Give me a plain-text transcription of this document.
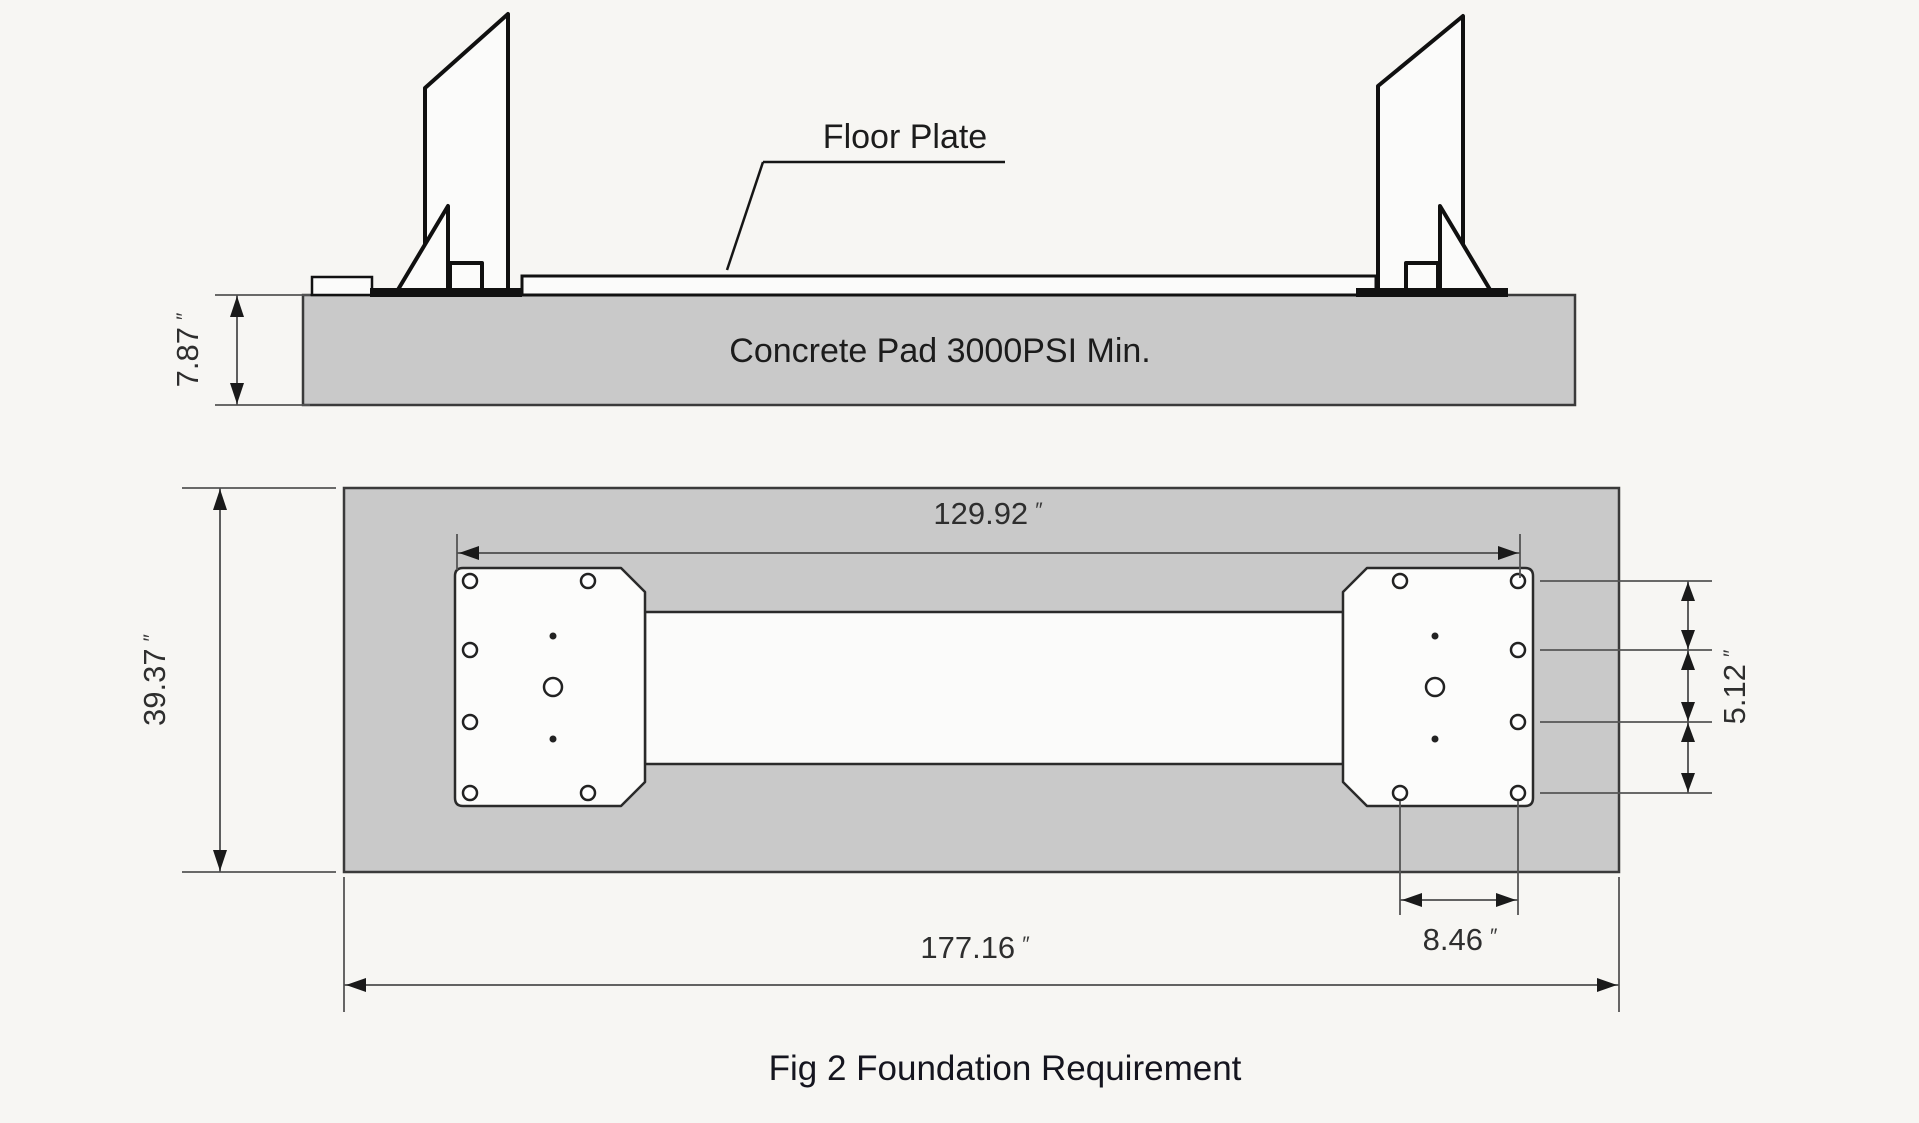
Concrete Pad 3000PSI Min.
Floor Plate
7.87″
129.92 ″
39.37″
5.12″
8.46 ″
177.16 ″
Fig 2 Foundation Requirement
